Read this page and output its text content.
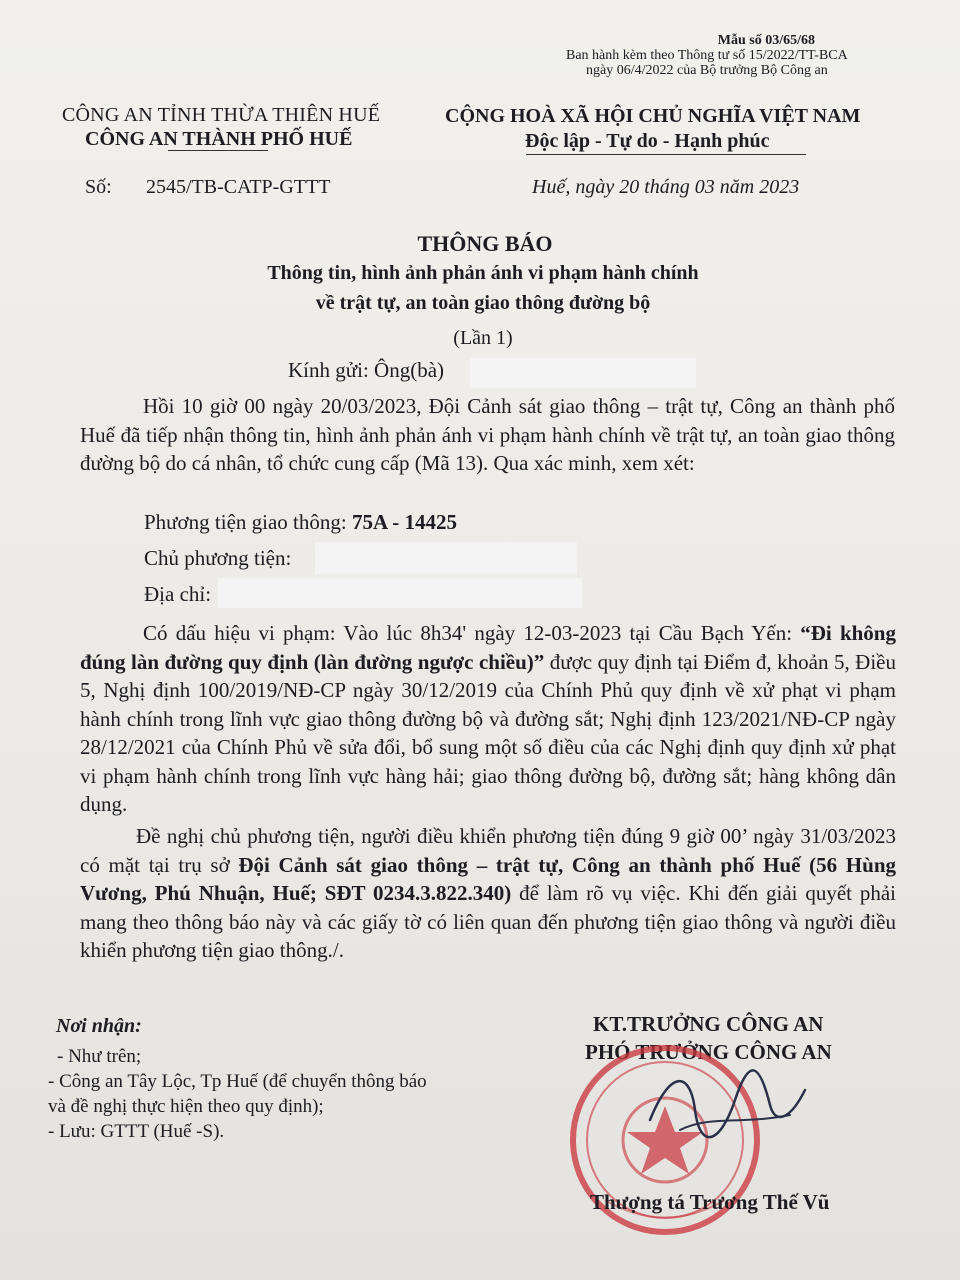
Mẫu số 03/65/68
Ban hành kèm theo Thông tư số 15/2022/TT-BCA
ngày 06/4/2022 của Bộ trưởng Bộ Công an
CÔNG AN TỈNH THỪA THIÊN HUẾ
CÔNG AN THÀNH PHỐ HUẾ
CỘNG HOÀ XÃ HỘI CHỦ NGHĨA VIỆT NAM
Độc lập - Tự do - Hạnh phúc
Số: 2545/TB-CATP-GTTT	Huế, ngày 20 tháng 03 năm 2023
THÔNG BÁO
Thông tin, hình ảnh phản ánh vi phạm hành chính
về trật tự, an toàn giao thông đường bộ
(Lần 1)
Kính gửi: Ông(bà)
Hồi 10 giờ 00 ngày 20/03/2023, Đội Cảnh sát giao thông – trật tự, Công an thành phố Huế đã tiếp nhận thông tin, hình ảnh phản ánh vi phạm hành chính về trật tự, an toàn giao thông đường bộ do cá nhân, tổ chức cung cấp (Mã 13). Qua xác minh, xem xét:
Phương tiện giao thông: 75A - 14425
Chủ phương tiện:
Địa chỉ:
Có dấu hiệu vi phạm: Vào lúc 8h34' ngày 12-03-2023 tại Cầu Bạch Yến: “Đi không đúng làn đường quy định (làn đường ngược chiều)” được quy định tại Điểm đ, khoản 5, Điều 5, Nghị định 100/2019/NĐ-CP ngày 30/12/2019 của Chính Phủ quy định về xử phạt vi phạm hành chính trong lĩnh vực giao thông đường bộ và đường sắt; Nghị định 123/2021/NĐ-CP ngày 28/12/2021 của Chính Phủ về sửa đổi, bổ sung một số điều của các Nghị định quy định xử phạt vi phạm hành chính trong lĩnh vực hàng hải; giao thông đường bộ, đường sắt; hàng không dân dụng.
Đề nghị chủ phương tiện, người điều khiển phương tiện đúng 9 giờ 00’ ngày 31/03/2023 có mặt tại trụ sở Đội Cảnh sát giao thông – trật tự, Công an thành phố Huế (56 Hùng Vương, Phú Nhuận, Huế; SĐT 0234.3.822.340) để làm rõ vụ việc. Khi đến giải quyết phải mang theo thông báo này và các giấy tờ có liên quan đến phương tiện giao thông và người điều khiển phương tiện giao thông./.
Nơi nhận:
- Như trên;
- Công an Tây Lộc, Tp Huế (để chuyển thông báo
và đề nghị thực hiện theo quy định);
- Lưu: GTTT (Huế -S).
KT.TRƯỞNG CÔNG AN
PHÓ TRƯỞNG CÔNG AN
Thượng tá Trương Thế Vũ
